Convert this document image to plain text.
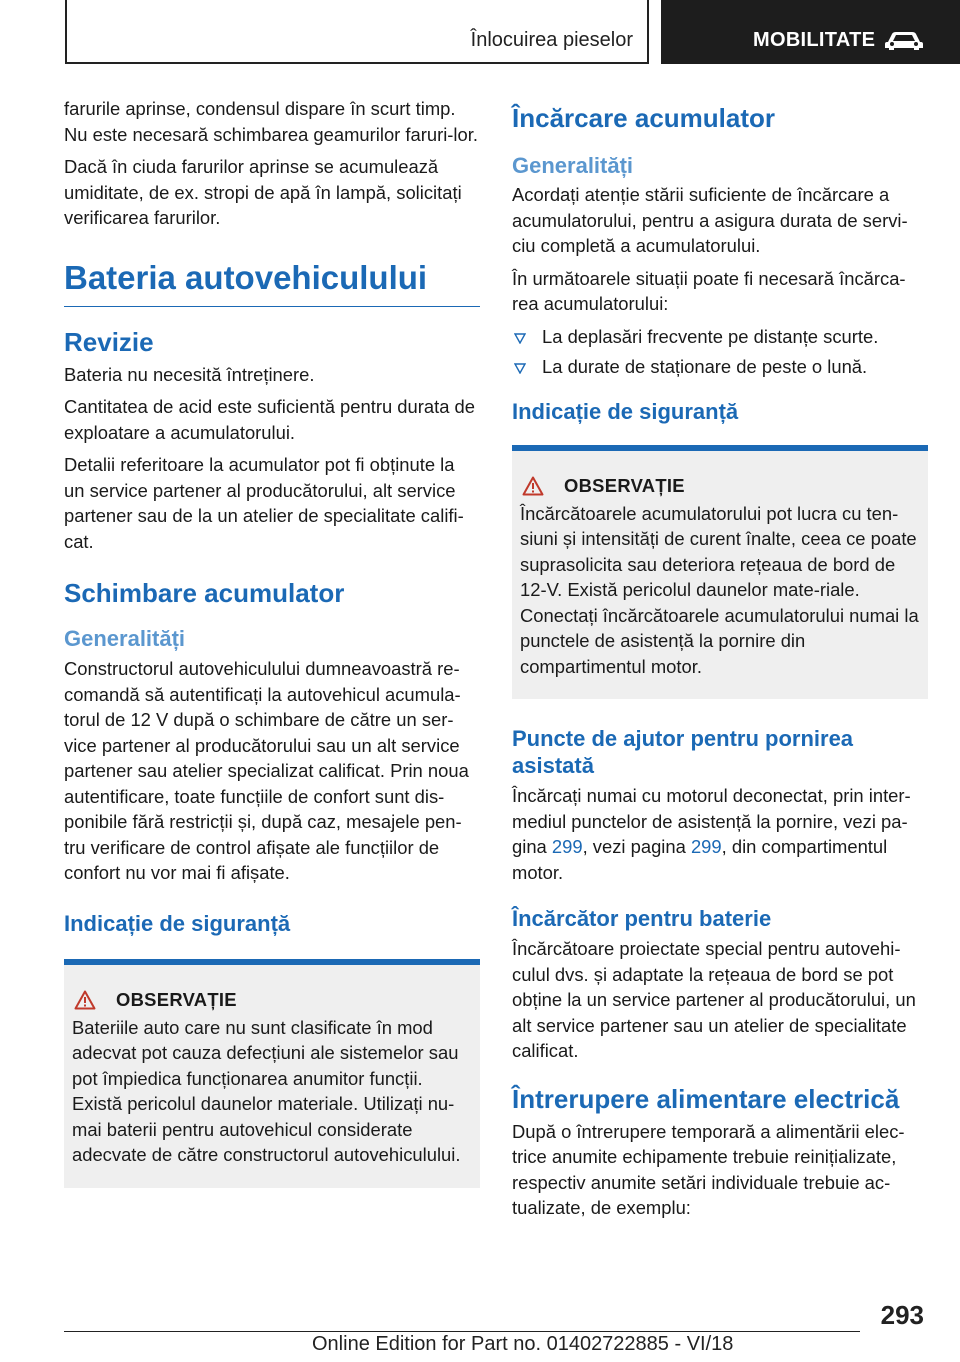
Înlocuirea pieselor	MOBILITATE

farurile aprinse, condensul dispare în scurt timp. Nu este necesară schimbarea geamurilor faruri-lor.

Dacă în ciuda farurilor aprinse se acumulează umiditate, de ex. stropi de apă în lampă, solicitați verificarea farurilor.

Bateria autovehiculului
Revizie

Bateria nu necesită întreținere.

Cantitatea de acid este suficientă pentru durata de exploatare a acumulatorului.

Detalii referitoare la acumulator pot fi obținute la un service partener al producătorului, alt service partener sau de la un atelier de specialitate califi-cat.

Schimbare acumulator
Generalități

Constructorul autovehiculului dumneavoastră re-comandă să autentificați la autovehicul acumula-torul de 12 V după o schimbare de către un ser-vice partener al producătorului sau un alt service partener sau atelier specializat calificat. Prin noua autentificare, toate funcțiile de confort sunt dis-ponibile fără restricții și, după caz, mesajele pen-tru verificare de control afișate ale funcțiilor de confort nu vor mai fi afișate.

Indicație de siguranță
OBSERVAȚIE

Bateriile auto care nu sunt clasificate în mod adecvat pot cauza defecțiuni ale sistemelor sau pot împiedica funcționarea anumitor funcții. Există pericolul daunelor materiale. Utilizați nu-mai baterii pentru autovehicul considerate adecvate de către constructorul autovehiculului.

Încărcare acumulator
Generalități

Acordați atenție stării suficiente de încărcare a acumulatorului, pentru a asigura durata de servi-ciu completă a acumulatorului.

În următoarele situații poate fi necesară încărca-rea acumulatorului:

La deplasări frecvente pe distanțe scurte.
La durate de staționare de peste o lună.
Indicație de siguranță
OBSERVAȚIE

Încărcătoarele acumulatorului pot lucra cu ten-siuni și intensități de curent înalte, ceea ce poate suprasolicita sau deteriora rețeaua de bord de 12-V. Există pericolul daunelor mate-riale. Conectați încărcătoarele acumulatorului numai la punctele de asistență la pornire din compartimentul motor.

Puncte de ajutor pentru pornirea asistată

Încărcați numai cu motorul deconectat, prin inter-mediul punctelor de asistență la pornire, vezi pa-gina 299, vezi pagina 299, din compartimentul motor.

Încărcător pentru baterie

Încărcătoare proiectate special pentru autovehi-culul dvs. și adaptate la rețeaua de bord se pot obține la un service partener al producătorului, un alt service partener sau un atelier de specialitate calificat.

Întrerupere alimentare electrică

După o întrerupere temporară a alimentării elec-trice anumite echipamente trebuie reinițializate, respectiv anumite setări individuale trebuie ac-tualizate, de exemplu:

293
Online Edition for Part no. 01402722885 - VI/18
